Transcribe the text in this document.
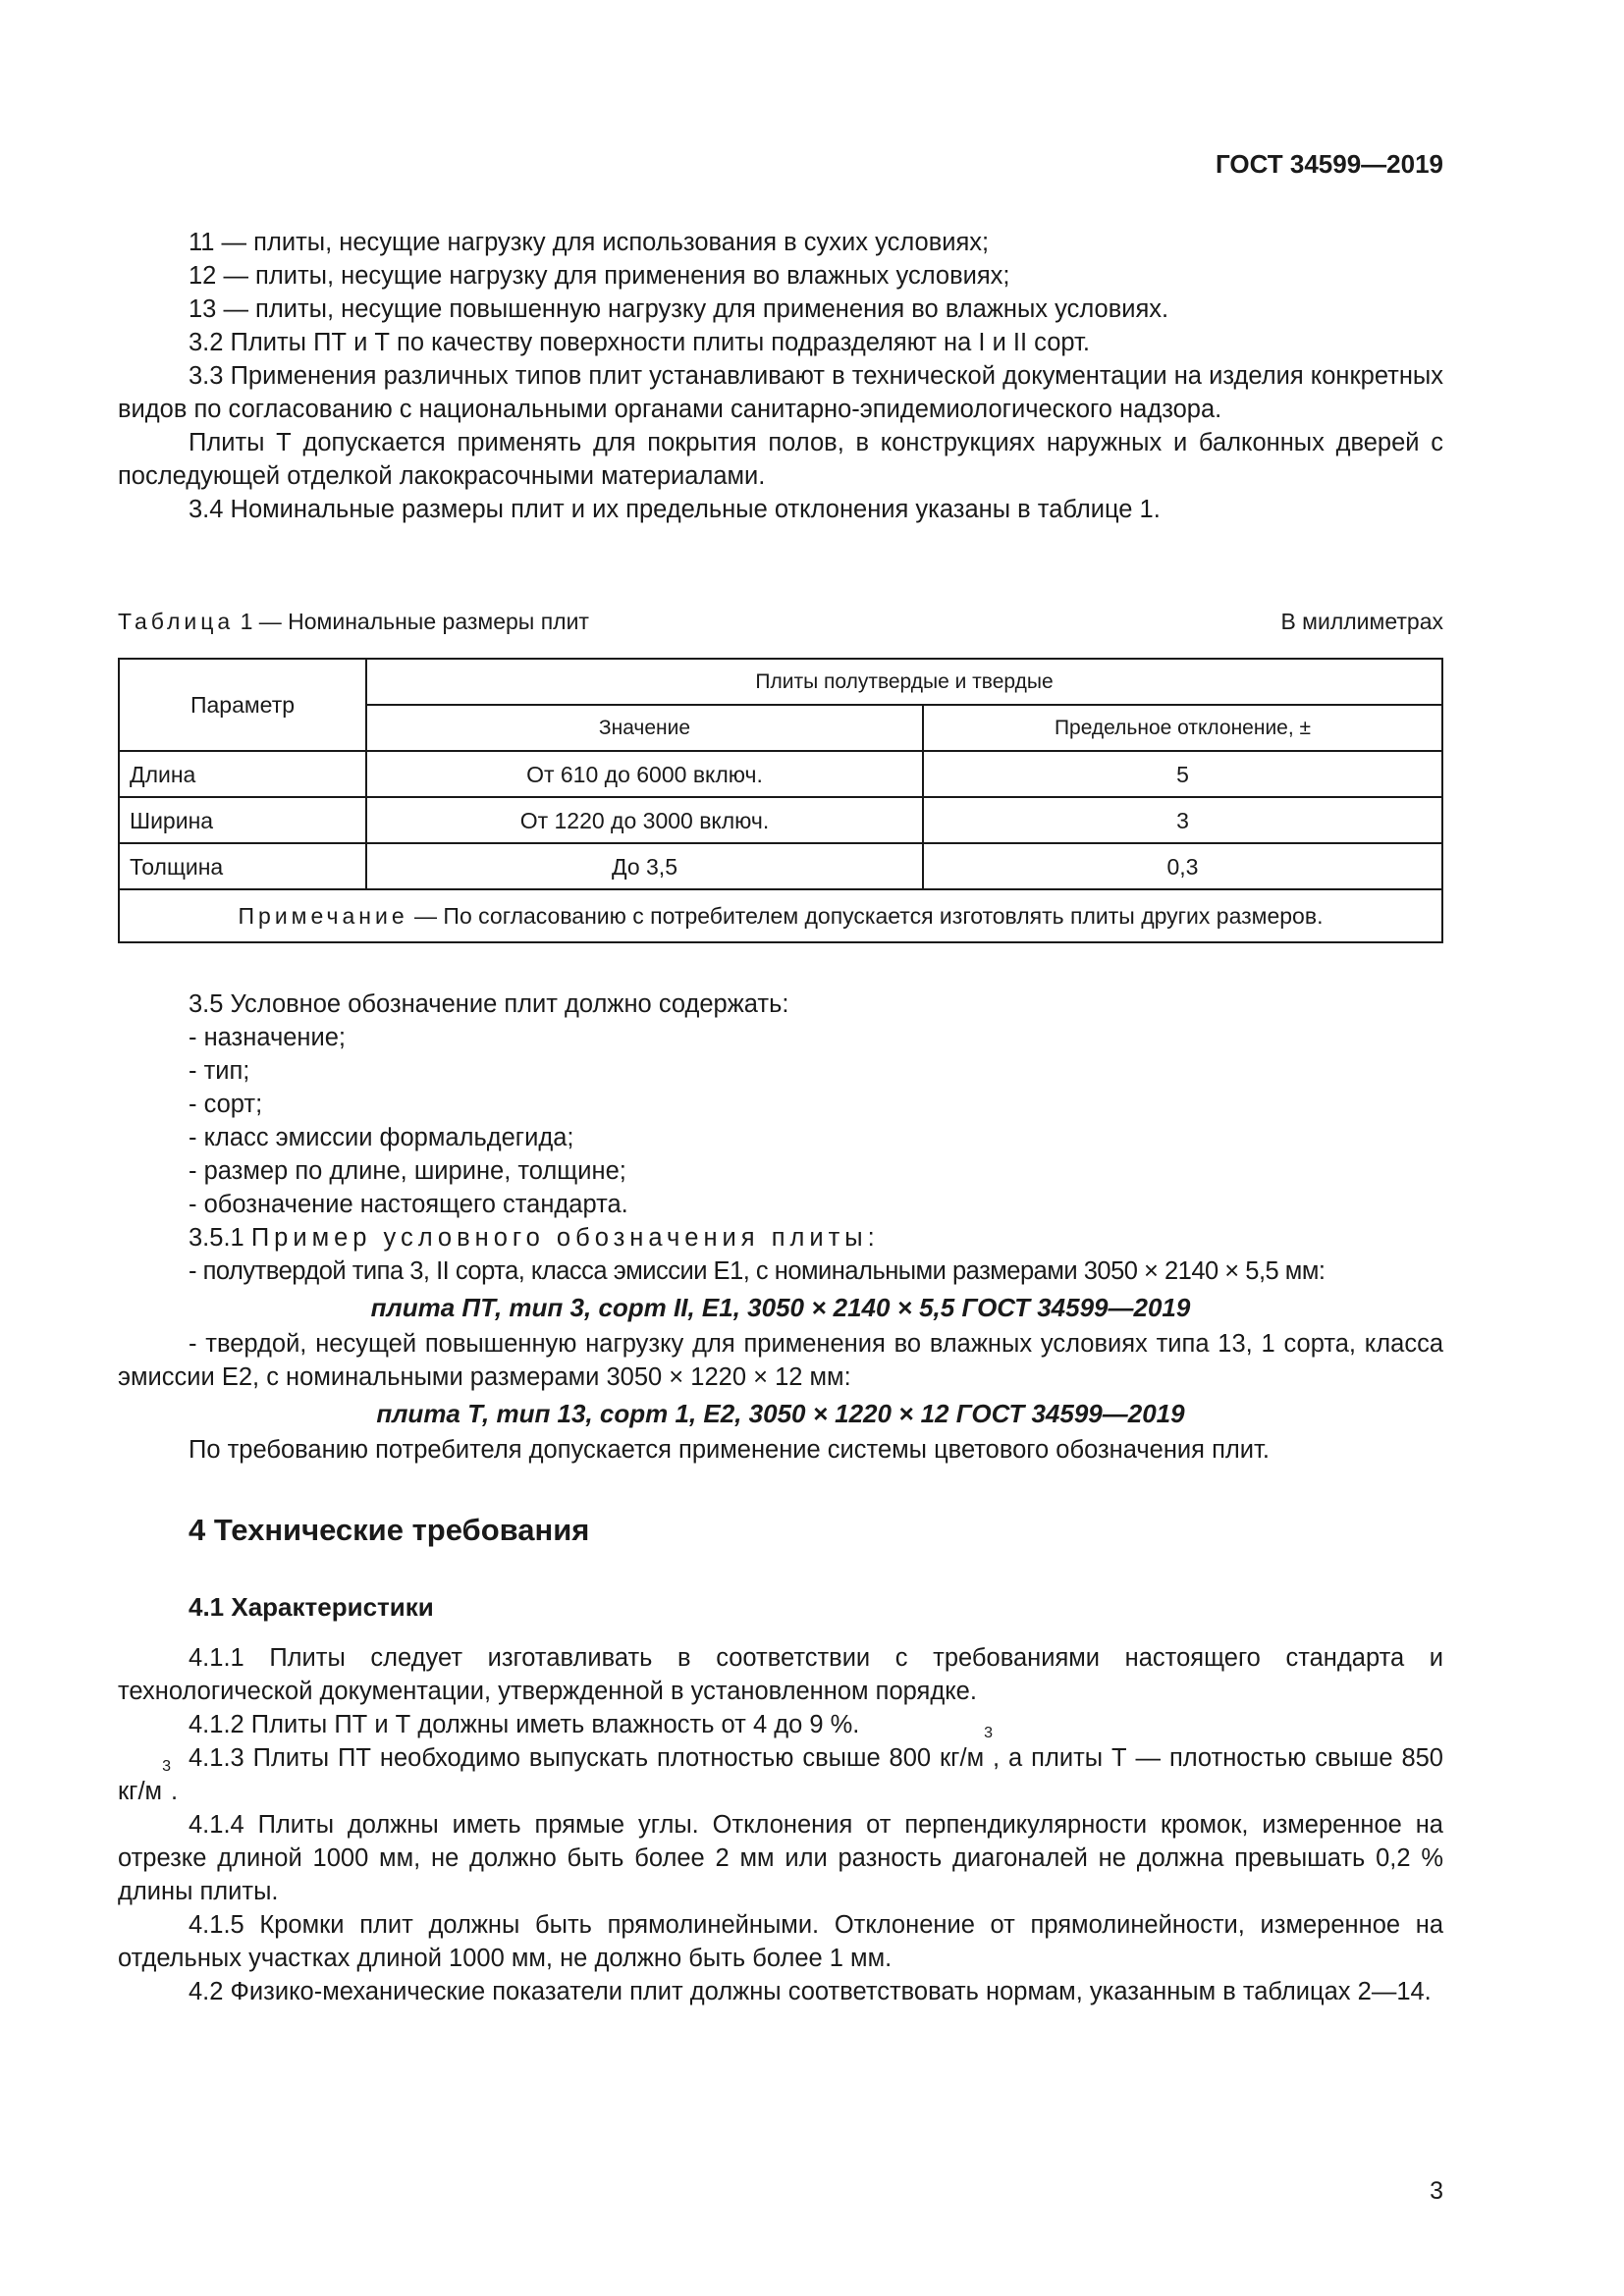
ГОСТ 34599—2019
11 — плиты, несущие нагрузку для использования в сухих условиях;
12 — плиты, несущие нагрузку для применения во влажных условиях;
13 — плиты, несущие повышенную нагрузку для применения во влажных условиях.
3.2 Плиты ПТ и Т по качеству поверхности плиты подразделяют на I и II сорт.

3.3 Применения различных типов плит устанавливают в технической документации на изделия конкретных видов по согласованию с национальными органами санитарно-эпидемиологического надзора.

Плиты Т допускается применять для покрытия полов, в конструкциях наружных и балконных дверей с последующей отделкой лакокрасочными материалами.

3.4 Номинальные размеры плит и их предельные отклонения указаны в таблице 1.
Таблица 1 — Номинальные размеры плит	В миллиметрах
Параметр	Плиты полутвердые и твердые	
	Значение	Предельное отклонение, ±
Длина	От 610 до 6000 включ.	5
Ширина	От 1220 до 3000 включ.	3
Толщина	До 3,5	0,3
Примечание — По согласованию с потребителем допускается изготовлять плиты других размеров.		
3.5 Условное обозначение плит должно содержать:
- назначение;
- тип;
- сорт;
- класс эмиссии формальдегида;
- размер по длине, ширине, толщине;
- обозначение настоящего стандарта.
3.5.1 Пример условного обозначения плиты:
- полутвердой типа 3, II сорта, класса эмиссии Е1, с номинальными размерами 3050 × 2140 × 5,5 мм:
плита ПТ, тип 3, сорт II, Е1, 3050 × 2140 × 5,5 ГОСТ 34599—2019

- твердой, несущей повышенную нагрузку для применения во влажных условиях типа 13, 1 сорта, класса эмиссии Е2, с номинальными размерами 3050 × 1220 × 12 мм:

плита Т, тип 13, сорт 1, Е2, 3050 × 1220 × 12 ГОСТ 34599—2019
По требованию потребителя допускается применение системы цветового обозначения плит.
4 Технические требования
4.1 Характеристики

4.1.1 Плиты следует изготавливать в соответствии с требованиями настоящего стандарта и технологической документации, утвержденной в установленном порядке.

4.1.2 Плиты ПТ и Т должны иметь влажность от 4 до 9 %.

4.1.3 Плиты ПТ необходимо выпускать плотностью свыше 800 $кг/м^3$, а плиты Т — плотностью свыше 850 $кг/м^3$.

4.1.4 Плиты должны иметь прямые углы. Отклонения от перпендикулярности кромок, измеренное на отрезке длиной 1000 мм, не должно быть более 2 мм или разность диагоналей не должна превышать 0,2 % длины плиты.

4.1.5 Кромки плит должны быть прямолинейными. Отклонение от прямолинейности, измеренное на отдельных участках длиной 1000 мм, не должно быть более 1 мм.

4.2 Физико-механические показатели плит должны соответствовать нормам, указанным в таблицах 2—14.

3
